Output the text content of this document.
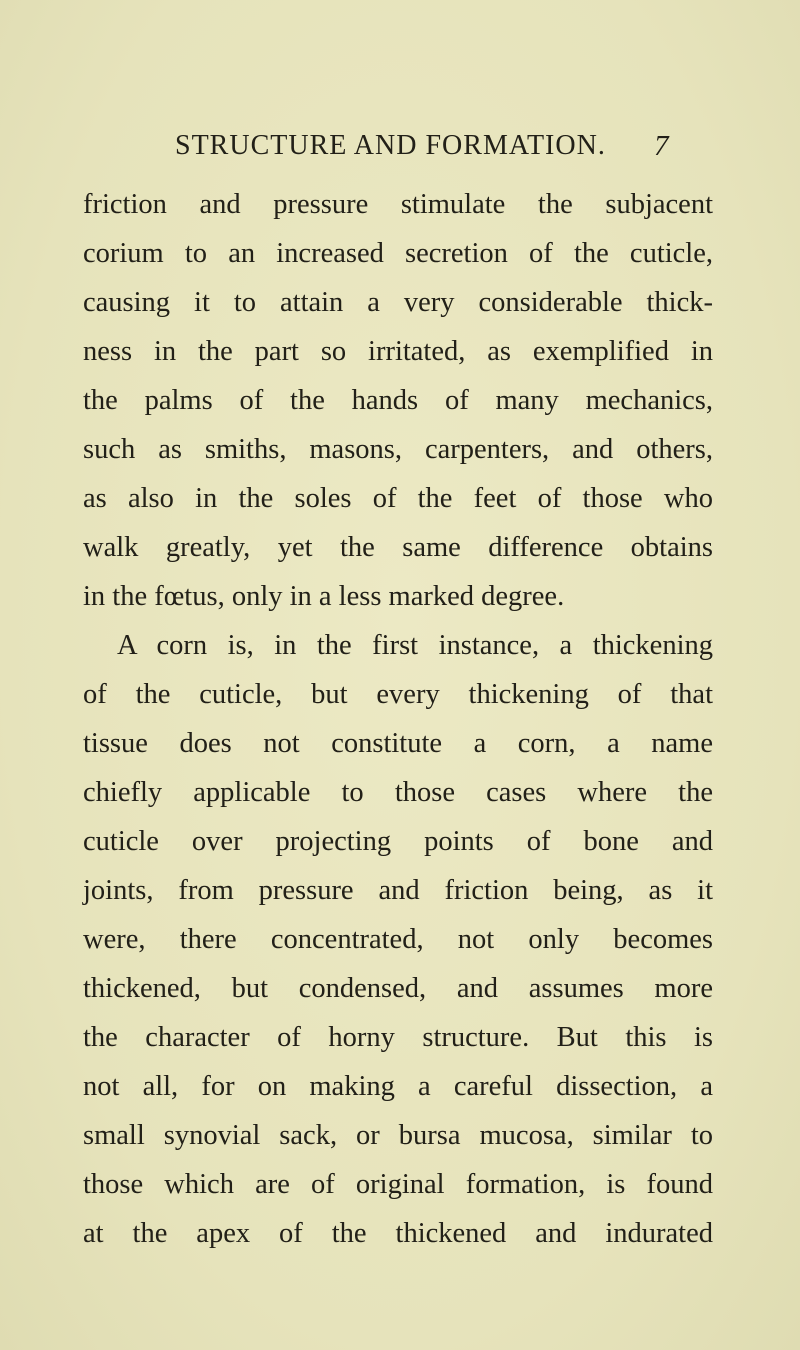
STRUCTURE AND FORMATION. 7
friction and pressure stimulate the subjacent
corium to an increased secretion of the cuticle,
causing it to attain a very considerable thick-
ness in the part so irritated, as exemplified in
the palms of the hands of many mechanics,
such as smiths, masons, carpenters, and others,
as also in the soles of the feet of those who
walk greatly, yet the same difference obtains
in the fœtus, only in a less marked degree.
A corn is, in the first instance, a thickening
of the cuticle, but every thickening of that
tissue does not constitute a corn, a name
chiefly applicable to those cases where the
cuticle over projecting points of bone and
joints, from pressure and friction being, as it
were, there concentrated, not only becomes
thickened, but condensed, and assumes more
the character of horny structure. But this is
not all, for on making a careful dissection, a
small synovial sack, or bursa mucosa, similar to
those which are of original formation, is found
at the apex of the thickened and indurated
